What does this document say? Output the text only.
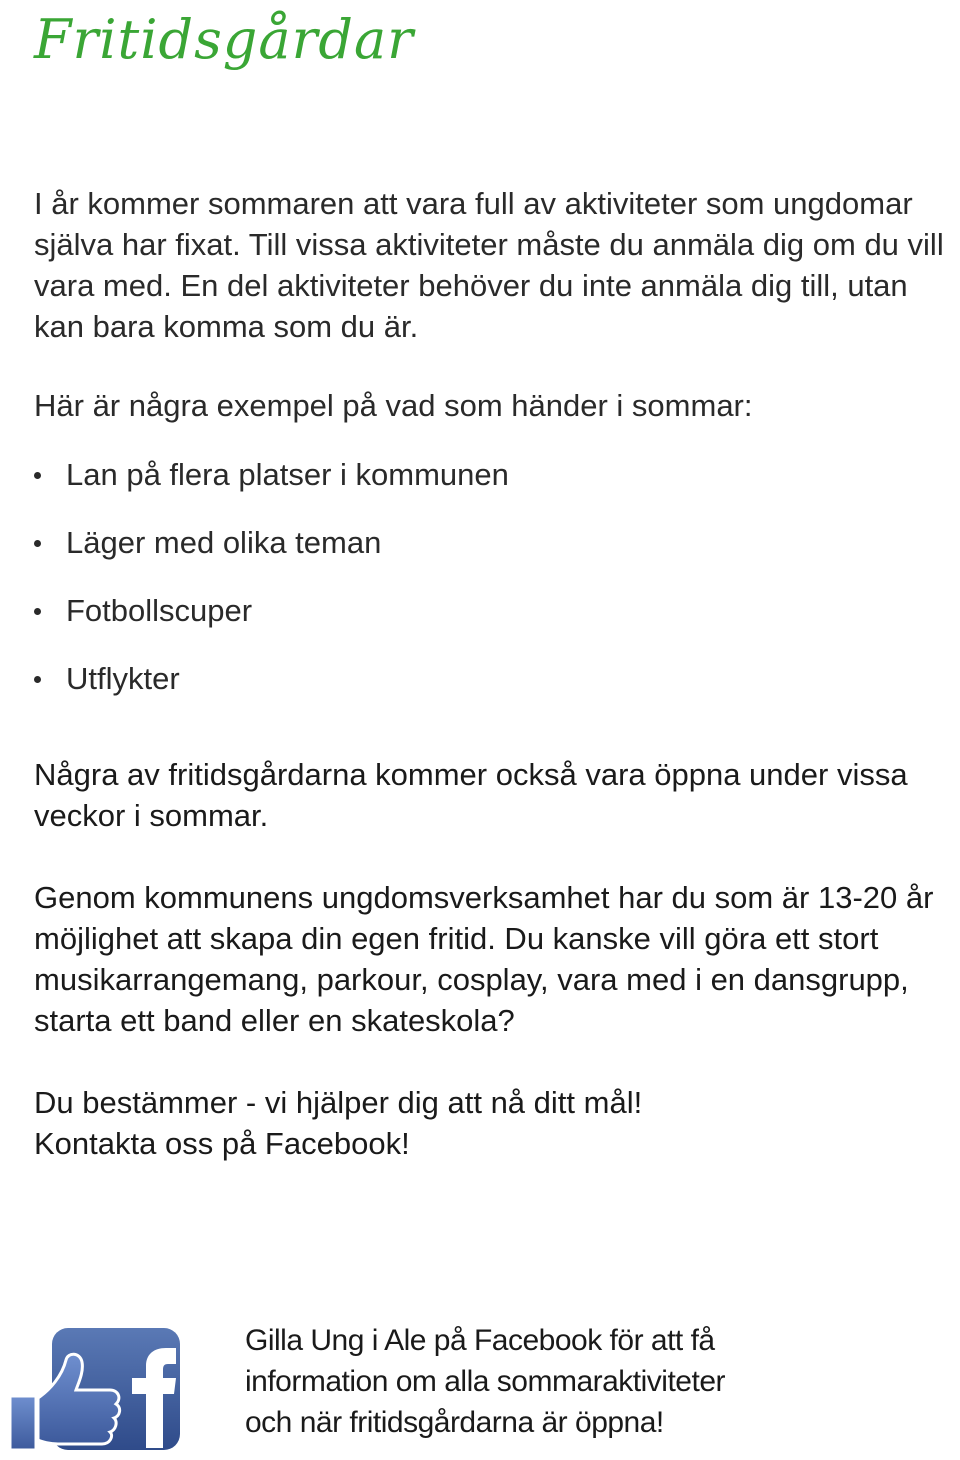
Fritidsgårdar

I år kommer sommaren att vara full av aktiviteter som ungdomar själva har fixat. Till vissa aktiviteter måste du anmäla dig om du vill vara med. En del aktiviteter behöver du inte anmäla dig till, utan kan bara komma som du är.

Här är några exempel på vad som händer i sommar:

Lan på flera platser i kommunen
Läger med olika teman
Fotbollscuper
Utflykter

Några av fritidsgårdarna kommer också vara öppna under vissa veckor i sommar.

Genom kommunens ungdomsverksamhet har du som är 13-20 år möjlighet att skapa din egen fritid. Du kanske vill göra ett stort musikarrangemang, parkour, cosplay, vara med i en dansgrupp, starta ett band eller en skateskola?

Du bestämmer - vi hjälper dig att nå ditt mål!
Kontakta oss på Facebook!

Gilla Ung i Ale på Facebook för att få
information om alla sommaraktiviteter
och när fritidsgårdarna är öppna!
